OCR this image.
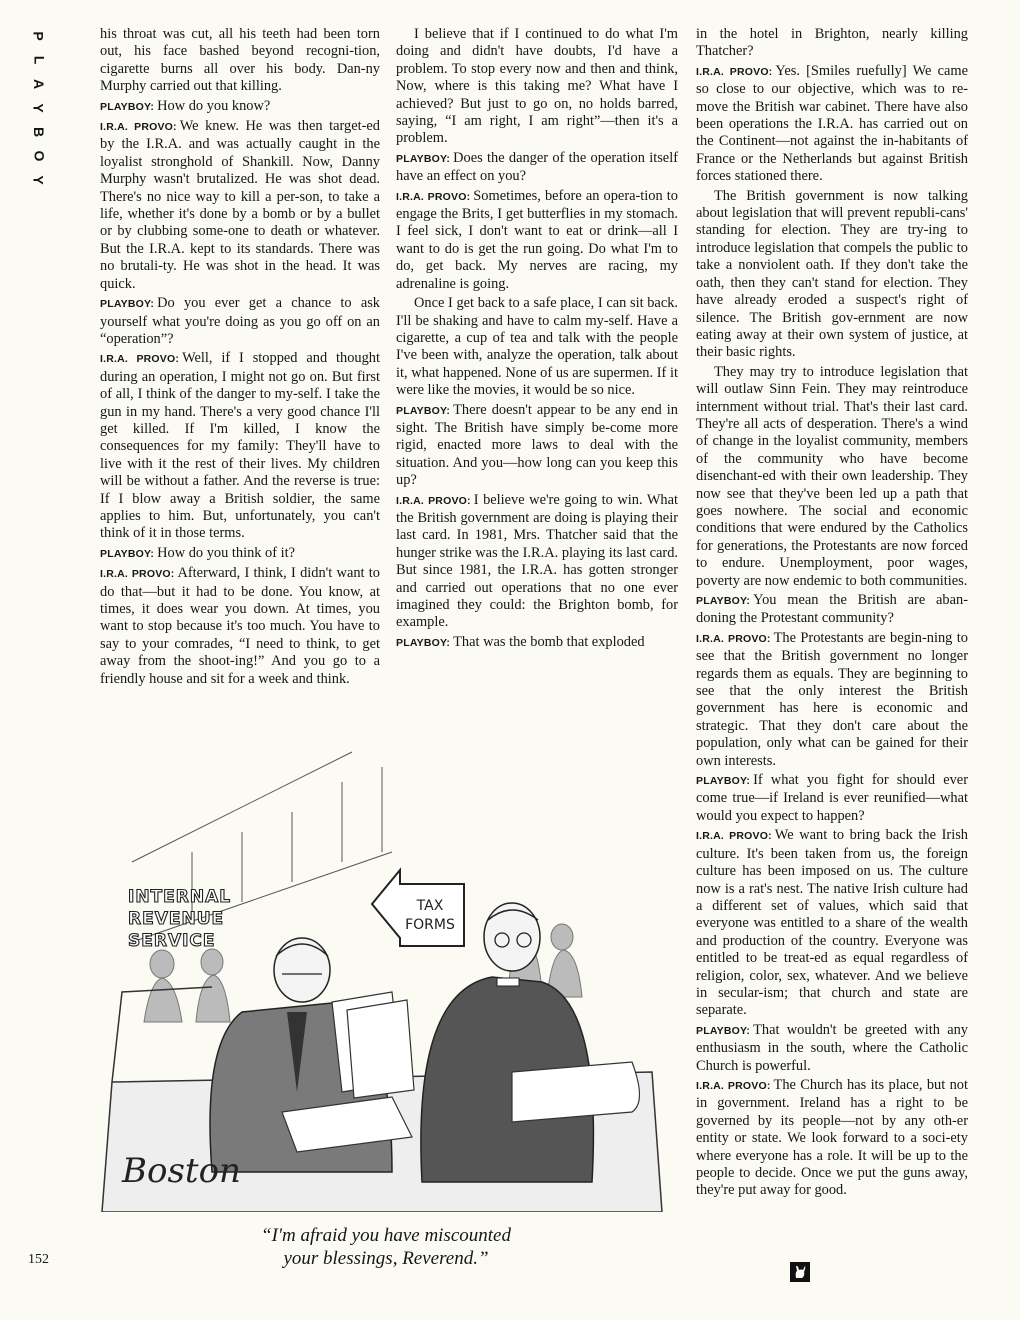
P
L
A
Y
B
O
Y

his throat was cut, all his teeth had been torn out, his face bashed beyond recogni-tion, cigarette burns all over his body. Dan-ny Murphy carried out that killing.

PLAYBOY: How do you know?

I.R.A. PROVO: We knew. He was then target-ed by the I.R.A. and was actually caught in the loyalist stronghold of Shankill. Now, Danny Murphy wasn't brutalized. He was shot dead. There's no nice way to kill a per-son, to take a life, whether it's done by a bomb or by a bullet or by clubbing some-one to death or whatever. But the I.R.A. kept to its standards. There was no brutali-ty. He was shot in the head. It was quick.

PLAYBOY: Do you ever get a chance to ask yourself what you're doing as you go off on an “operation”?

I.R.A. PROVO: Well, if I stopped and thought during an operation, I might not go on. But first of all, I think of the danger to my-self. I take the gun in my hand. There's a very good chance I'll get killed. If I'm killed, I know the consequences for my family: They'll have to live with it the rest of their lives. My children will be without a father. And the reverse is true: If I blow away a British soldier, the same applies to him. But, unfortunately, you can't think of it in those terms.

PLAYBOY: How do you think of it?

I.R.A. PROVO: Afterward, I think, I didn't want to do that—but it had to be done. You know, at times, it does wear you down. At times, you want to stop because it's too much. You have to say to your comrades, “I need to think, to get away from the shoot-ing!” And you go to a friendly house and sit for a week and think.

I believe that if I continued to do what I'm doing and didn't have doubts, I'd have a problem. To stop every now and then and think, Now, where is this taking me? What have I achieved? But just to go on, no holds barred, saying, “I am right, I am right”—then it's a problem.

PLAYBOY: Does the danger of the operation itself have an effect on you?

I.R.A. PROVO: Sometimes, before an opera-tion to engage the Brits, I get butterflies in my stomach. I feel sick, I don't want to eat or drink—all I want to do is get the run going. Do what I'm to do, get back. My nerves are racing, my adrenaline is going.

Once I get back to a safe place, I can sit back. I'll be shaking and have to calm my-self. Have a cigarette, a cup of tea and talk with the people I've been with, analyze the operation, talk about it, what happened. None of us are supermen. If it were like the movies, it would be so nice.

PLAYBOY: There doesn't appear to be any end in sight. The British have simply be-come more rigid, enacted more laws to deal with the situation. And you—how long can you keep this up?

I.R.A. PROVO: I believe we're going to win. What the British government are doing is playing their last card. In 1981, Mrs. Thatcher said that the hunger strike was the I.R.A. playing its last card. But since 1981, the I.R.A. has gotten stronger and carried out operations that no one ever imagined they could: the Brighton bomb, for example.

PLAYBOY: That was the bomb that exploded

in the hotel in Brighton, nearly killing Thatcher?

I.R.A. PROVO: Yes. [Smiles ruefully] We came so close to our objective, which was to re-move the British war cabinet. There have also been operations the I.R.A. has carried out on the Continent—not against the in-habitants of France or the Netherlands but against British forces stationed there.

The British government is now talking about legislation that will prevent republi-cans' standing for election. They are try-ing to introduce legislation that compels the public to take a nonviolent oath. If they don't take the oath, then they can't stand for election. They have already eroded a suspect's right of silence. The British gov-ernment are now eating away at their own system of justice, at their basic rights.

They may try to introduce legislation that will outlaw Sinn Fein. They may reintroduce internment without trial. That's their last card. They're all acts of desperation. There's a wind of change in the loyalist community, members of the community who have become disenchant-ed with their own leadership. They now see that they've been led up a path that goes nowhere. The social and economic conditions that were endured by the Catholics for generations, the Protestants are now forced to endure. Unemployment, poor wages, poverty are now endemic to both communities.

PLAYBOY: You mean the British are aban-doning the Protestant community?

I.R.A. PROVO: The Protestants are begin-ning to see that the British government no longer regards them as equals. They are beginning to see that the only interest the British government has here is economic and strategic. That they don't care about the population, only what can be gained for their own interests.

PLAYBOY: If what you fight for should ever come true—if Ireland is ever reunified—what would you expect to happen?

I.R.A. PROVO: We want to bring back the Irish culture. It's been taken from us, the foreign culture has been imposed on us. The culture now is a rat's nest. The native Irish culture had a different set of values, which said that everyone was entitled to a share of the wealth and production of the country. Everyone was entitled to be treat-ed as equal regardless of religion, color, sex, whatever. And we believe in secular-ism; that church and state are separate.

PLAYBOY: That wouldn't be greeted with any enthusiasm in the south, where the Catholic Church is powerful.

I.R.A. PROVO: The Church has its place, but not in government. Ireland has a right to be governed by its people—not by any oth-er entity or state. We look forward to a soci-ety where everyone has a role. It will be up to the people to decide. Once we put the guns away, they're put away for good.

INTERNAL
REVENUE
SERVICE
TAX
FORMS
Boston
“I'm afraid you have miscounted
your blessings, Reverend.”
152
